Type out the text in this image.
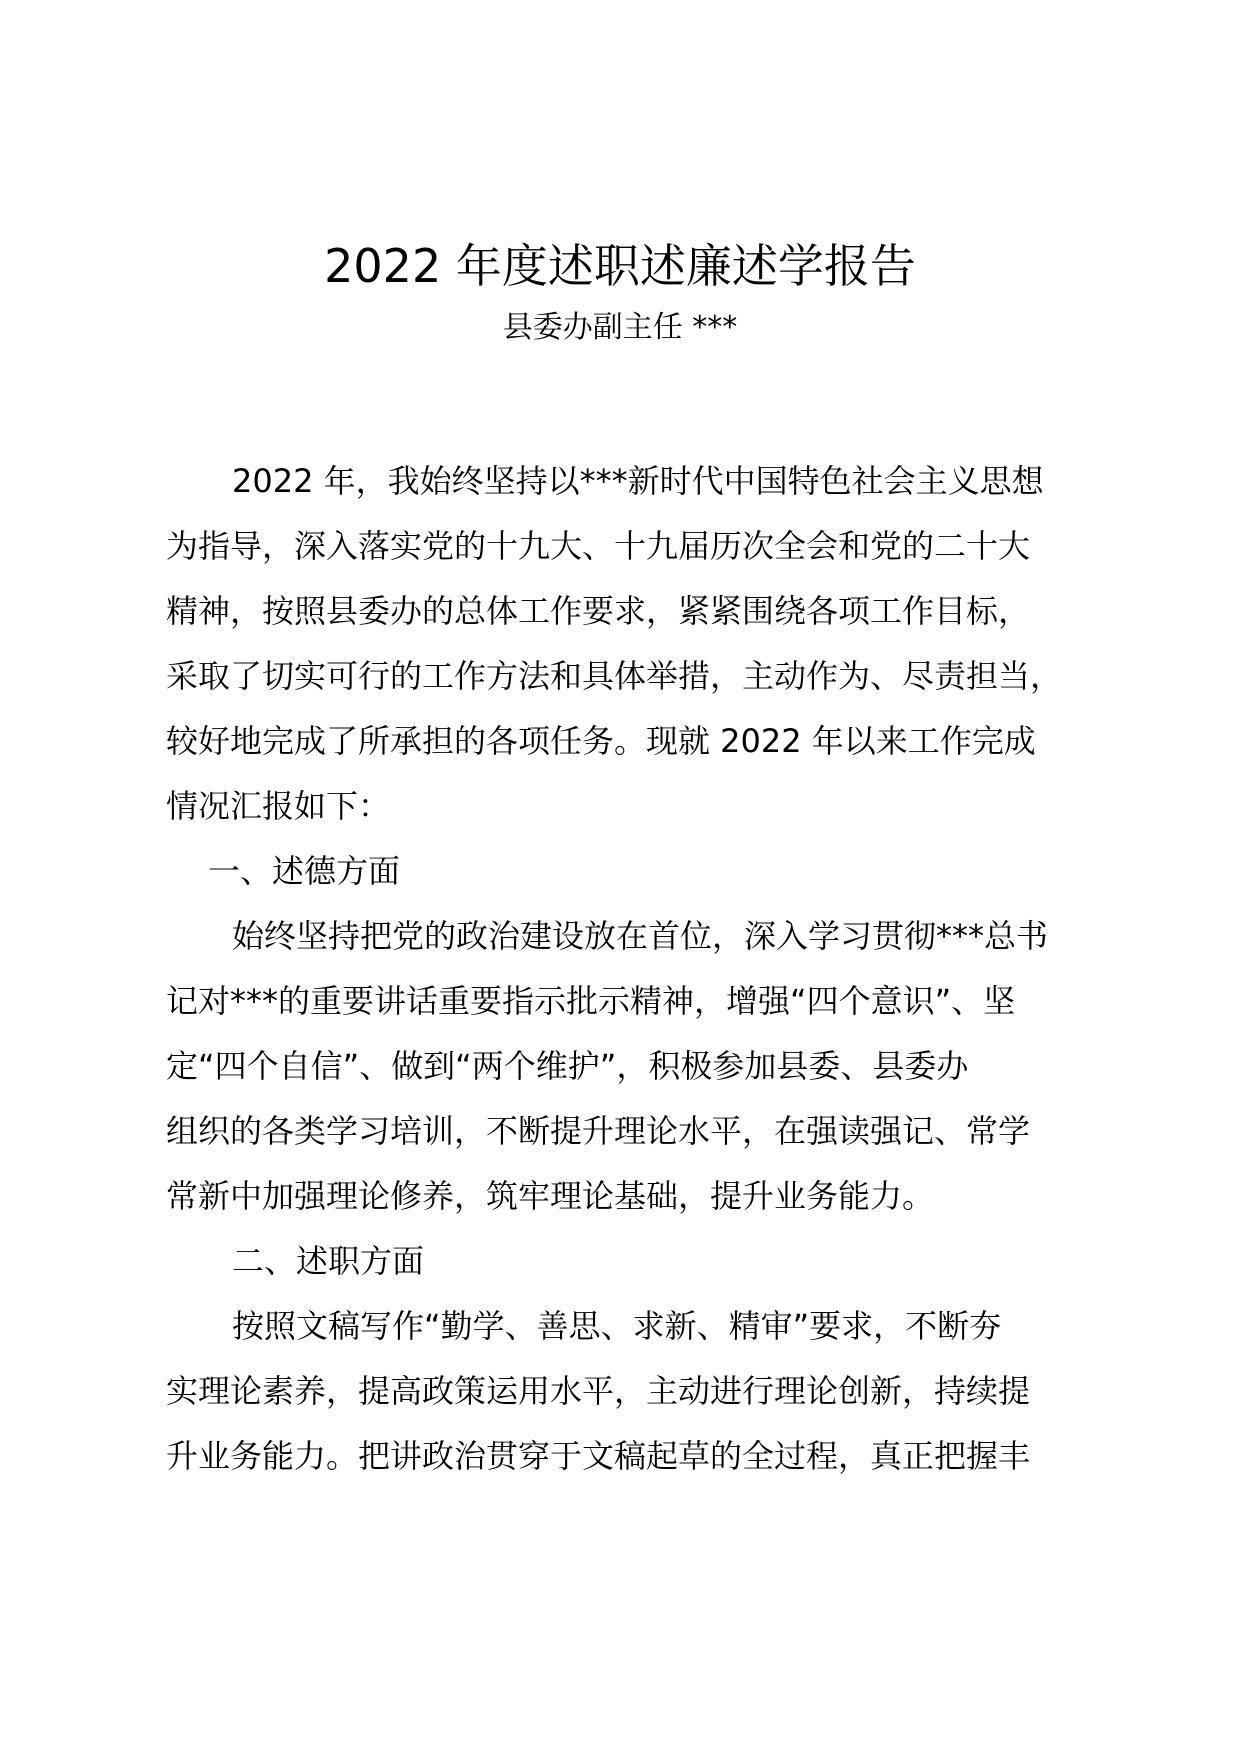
2022 年度述职述廉述学报告
县委办副主任 ***

2022 年，我始终坚持以***新时代中国特色社会主义思想

为指导，深入落实党的十九大、十九届历次全会和党的二十大

精神，按照县委办的总体工作要求，紧紧围绕各项工作目标，

采取了切实可行的工作方法和具体举措，主动作为、尽责担当，

较好地完成了所承担的各项任务。现就 2022 年以来工作完成

情况汇报如下：

一、述德方面

始终坚持把党的政治建设放在首位，深入学习贯彻***总书

记对***的重要讲话重要指示批示精神，增强“四个意识”、坚

定“四个自信”、做到“两个维护”，积极参加县委、县委办

组织的各类学习培训，不断提升理论水平，在强读强记、常学

常新中加强理论修养，筑牢理论基础，提升业务能力。

二、述职方面

按照文稿写作“勤学、善思、求新、精审”要求，不断夯

实理论素养，提高政策运用水平，主动进行理论创新，持续提

升业务能力。把讲政治贯穿于文稿起草的全过程，真正把握丰
